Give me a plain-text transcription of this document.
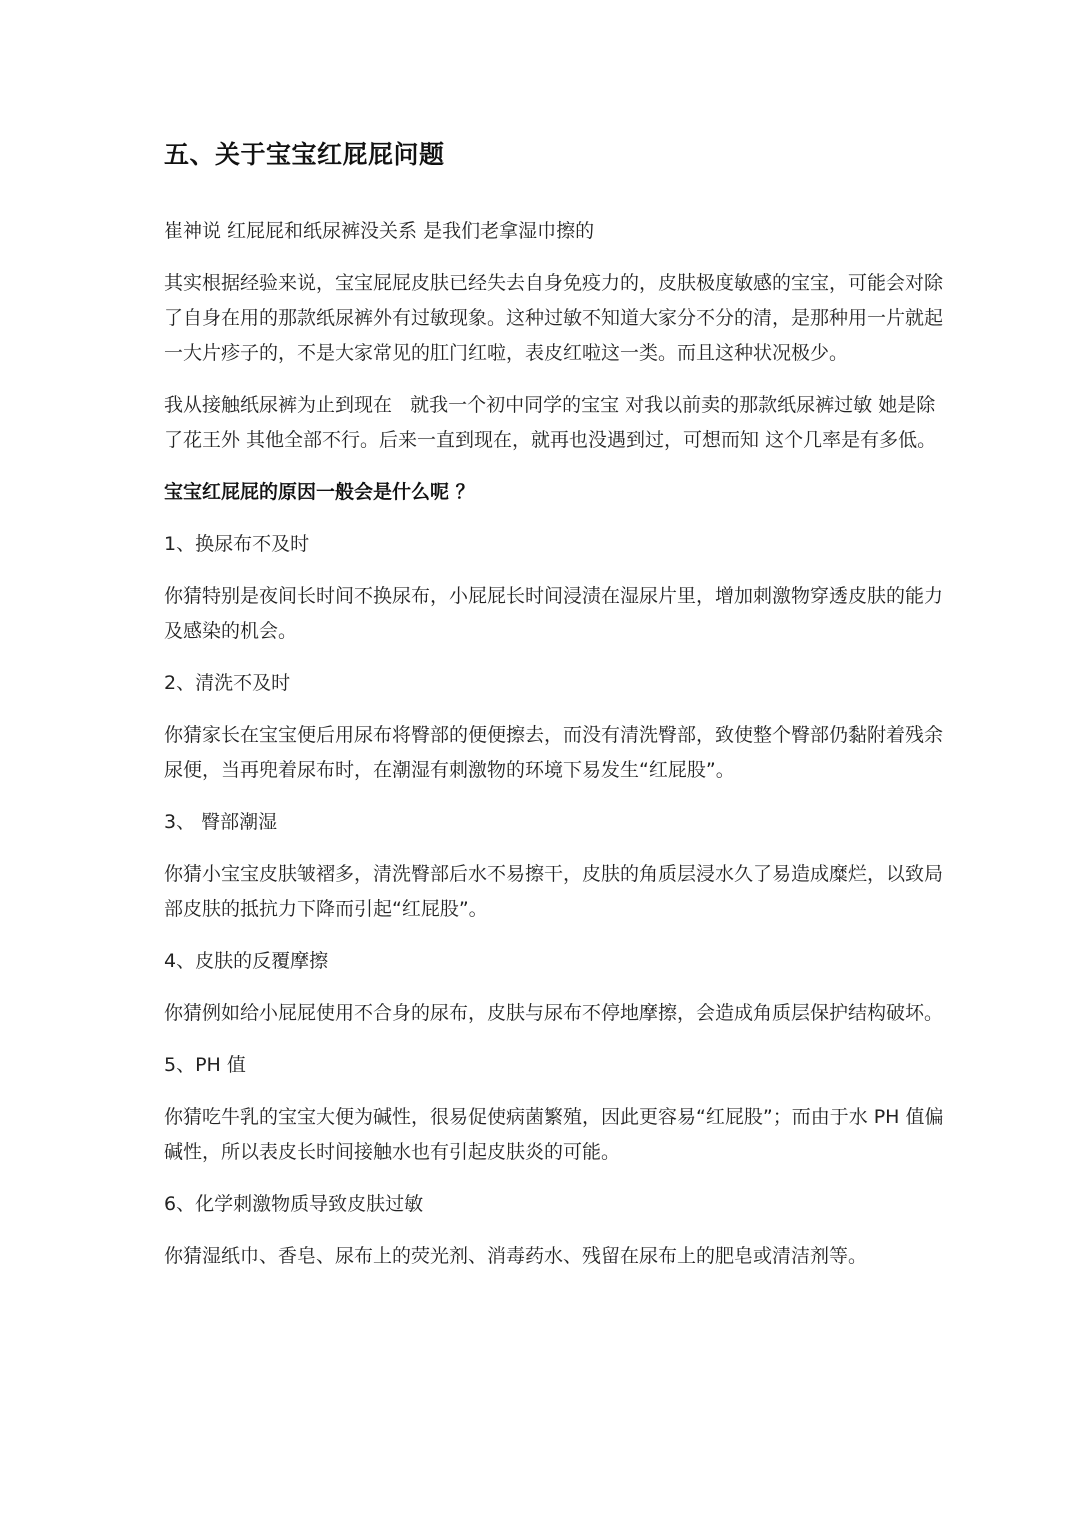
五、关于宝宝红屁屁问题

崔神说 红屁屁和纸尿裤没关系 是我们老拿湿巾擦的

其实根据经验来说，宝宝屁屁皮肤已经失去自身免疫力的，皮肤极度敏感的宝宝，可能会对除了自身在用的那款纸尿裤外有过敏现象。这种过敏不知道大家分不分的清，是那种用一片就起一大片疹子的，不是大家常见的肛门红啦，表皮红啦这一类。而且这种状况极少。

我从接触纸尿裤为止到现在   就我一个初中同学的宝宝 对我以前卖的那款纸尿裤过敏 她是除了花王外 其他全部不行。后来一直到现在，就再也没遇到过，可想而知 这个几率是有多低。

宝宝红屁屁的原因一般会是什么呢 ？

1、换尿布不及时

你猜特别是夜间长时间不换尿布，小屁屁长时间浸渍在湿尿片里，增加刺激物穿透皮肤的能力及感染的机会。

2、清洗不及时

你猜家长在宝宝便后用尿布将臀部的便便擦去，而没有清洗臀部，致使整个臀部仍黏附着残余尿便，当再兜着尿布时，在潮湿有刺激物的环境下易发生“红屁股”。

3、 臀部潮湿

你猜小宝宝皮肤皱褶多，清洗臀部后水不易擦干，皮肤的角质层浸水久了易造成糜烂，以致局部皮肤的抵抗力下降而引起“红屁股”。

4、皮肤的反覆摩擦

你猜例如给小屁屁使用不合身的尿布，皮肤与尿布不停地摩擦，会造成角质层保护结构破坏。

5、PH 值

你猜吃牛乳的宝宝大便为碱性，很易促使病菌繁殖，因此更容易“红屁股”；而由于水 PH 值偏碱性，所以表皮长时间接触水也有引起皮肤炎的可能。

6、化学刺激物质导致皮肤过敏

你猜湿纸巾、香皂、尿布上的荧光剂、消毒药水、残留在尿布上的肥皂或清洁剂等。
